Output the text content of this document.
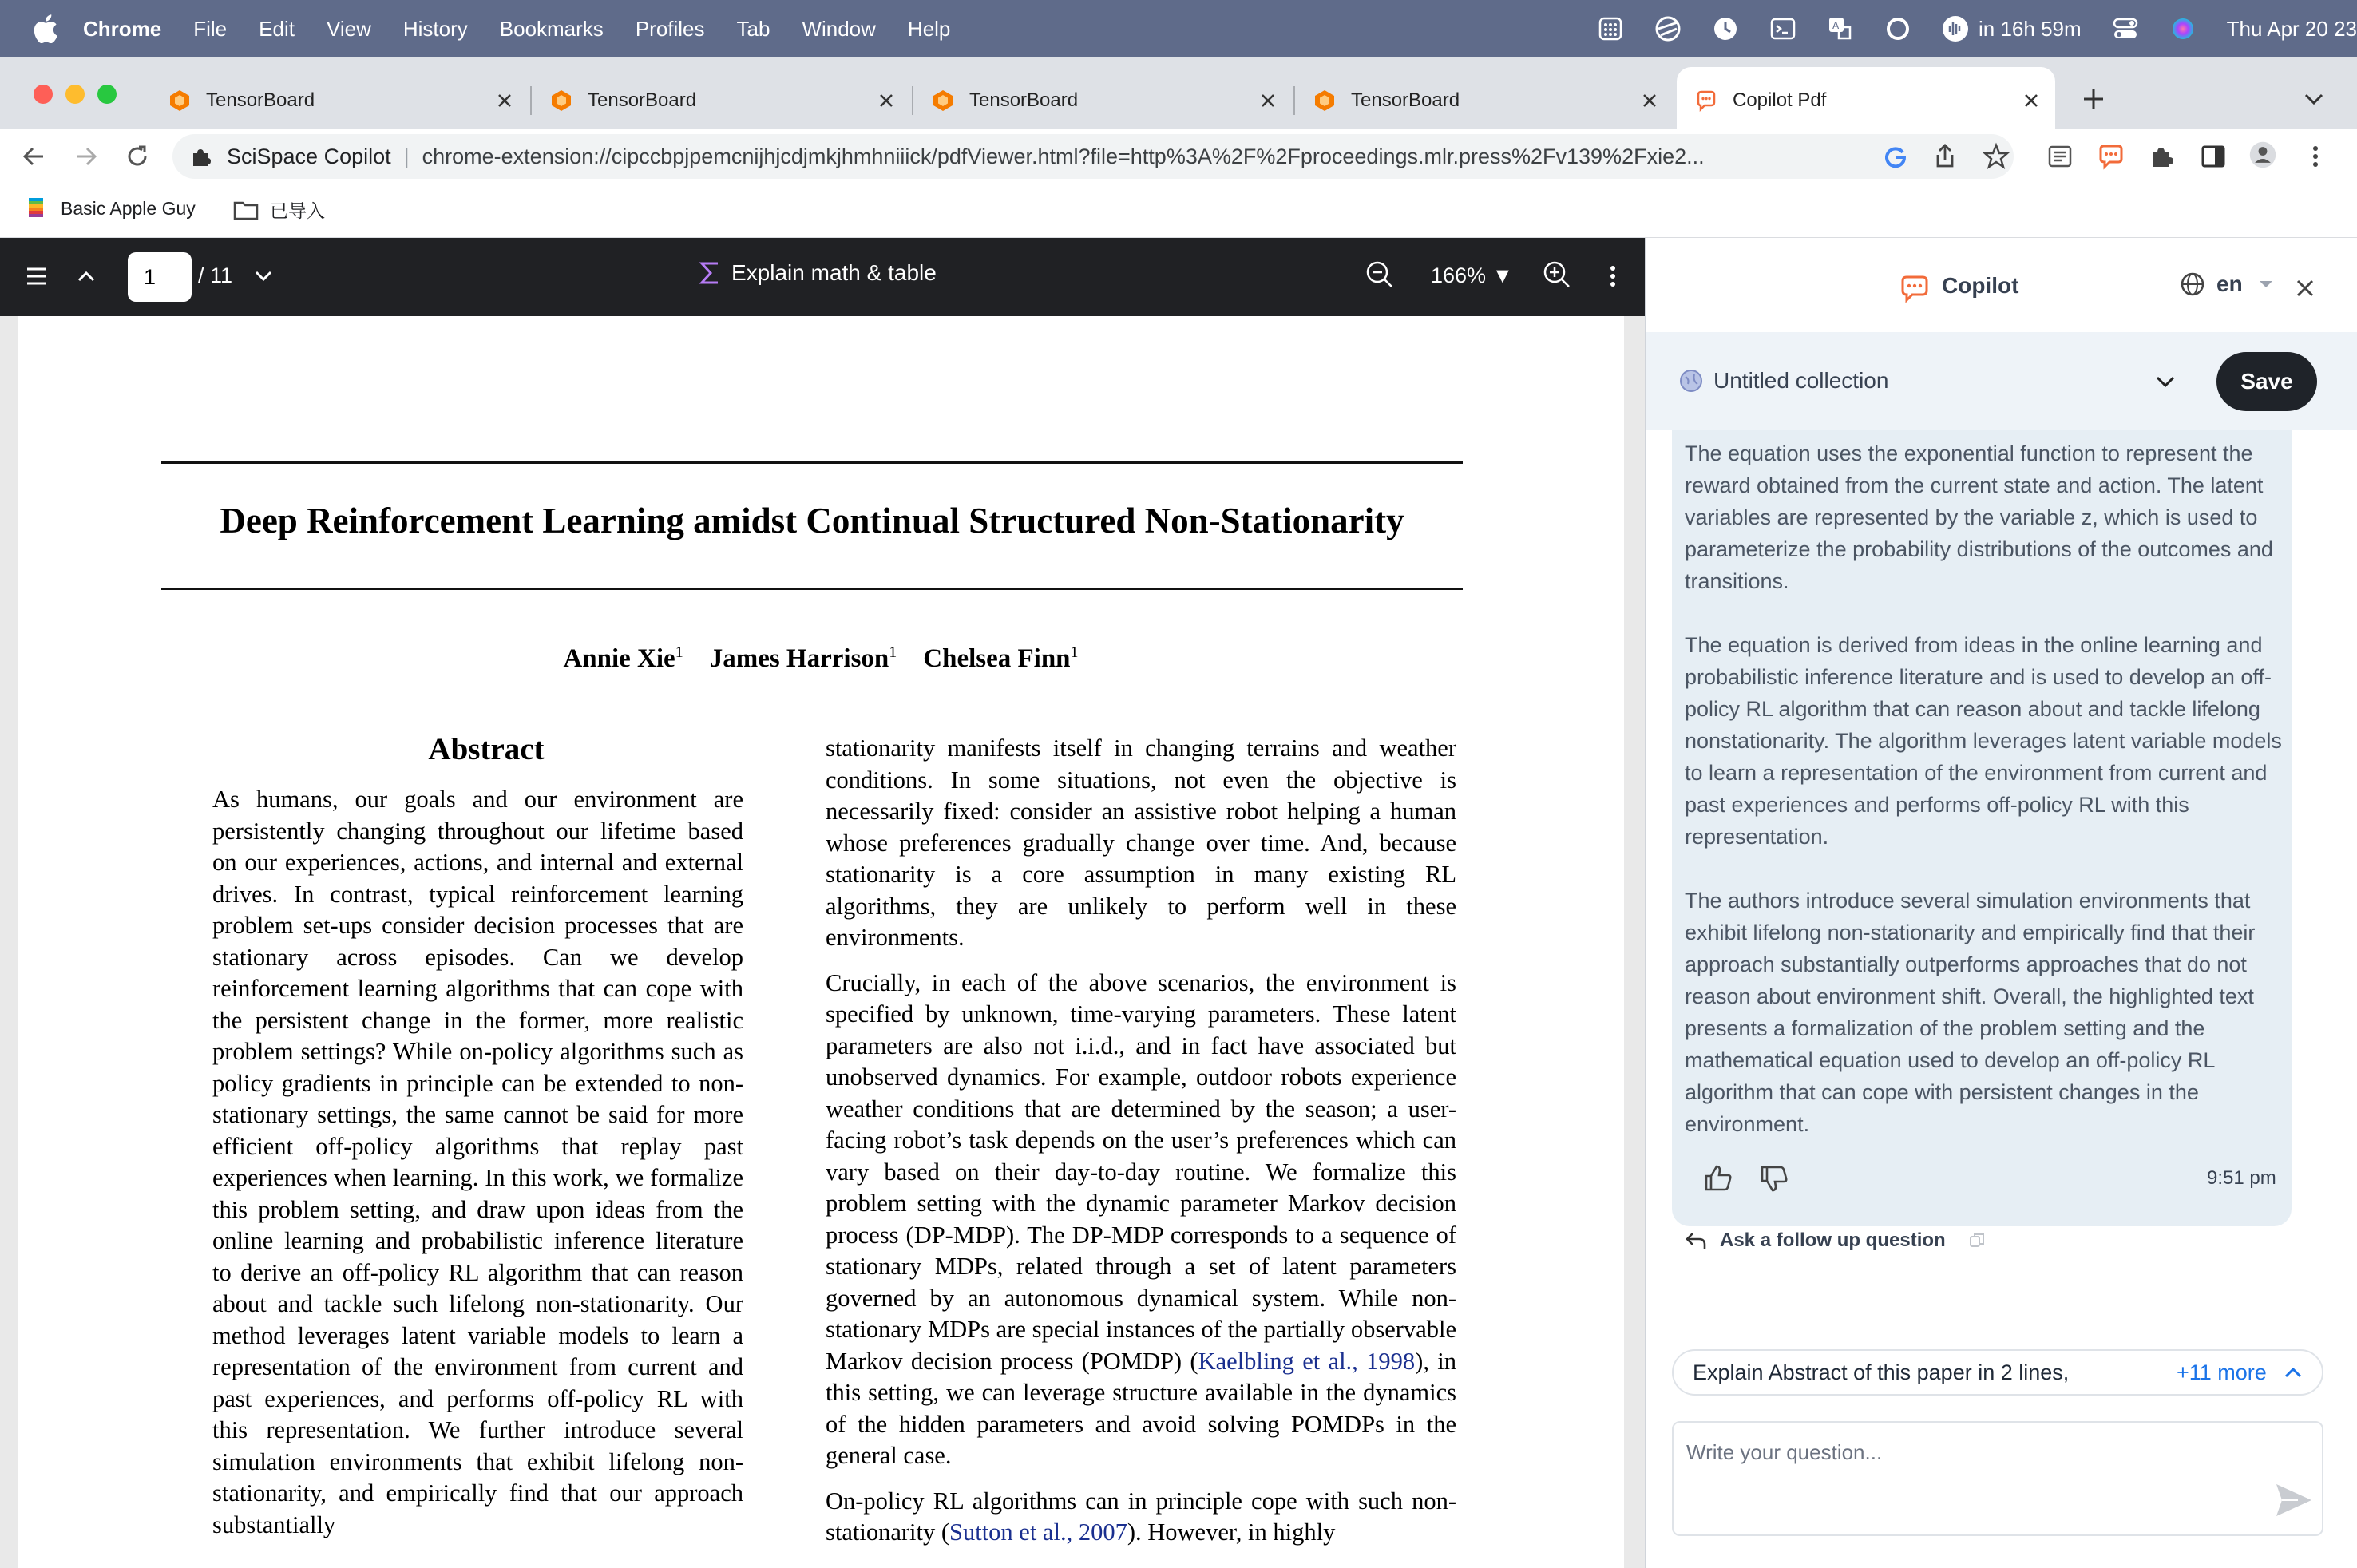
Chrome File Edit View History Bookmarks Profiles Tab Window Help	A	in 16h 59m	Thu Apr 20 23
TensorBoard	TensorBoard	TensorBoard	TensorBoard	Copilot Pdf
SciSpace Copilot | chrome-extension://cipccbpjpemcnijhjcdjmkjhmhniiick/pdfViewer.html?file=http%3A%2F%2Fproceedings.mlr.press%2Fv139%2Fxie2...
Basic Apple Guy	已导入
/ 11	Explain math & table	166% ▼
1
Deep Reinforcement Learning amidst Continual Structured Non-Stationarity
Annie Xie$^1$ James Harrison$^1$ Chelsea Finn$^1$
Abstract

As humans, our goals and our environment are persistently changing throughout our lifetime based on our experiences, actions, and internal and external drives. In contrast, typical reinforcement learning problem set-ups consider decision processes that are stationary across episodes. Can we develop reinforcement learning algorithms that can cope with the persistent change in the former, more realistic problem settings? While on-policy algorithms such as policy gradients in principle can be extended to non-stationary settings, the same cannot be said for more efficient off-policy algorithms that replay past experiences when learning. In this work, we formalize this problem setting, and draw upon ideas from the online learning and probabilistic inference literature to derive an off-policy RL algorithm that can reason about and tackle such lifelong non-stationarity. Our method leverages latent variable models to learn a representation of the environment from current and past experiences, and performs off-policy RL with this representation. We further introduce several simulation environments that exhibit lifelong non-stationarity, and empirically find that our approach substantially

stationarity manifests itself in changing terrains and weather conditions. In some situations, not even the objective is necessarily fixed: consider an assistive robot helping a human whose preferences gradually change over time. And, because stationarity is a core assumption in many existing RL algorithms, they are unlikely to perform well in these environments.

Crucially, in each of the above scenarios, the environment is specified by unknown, time-varying parameters. These latent parameters are also not i.i.d., and in fact have associated but unobserved dynamics. For example, outdoor robots experience weather conditions that are determined by the season; a user-facing robot’s task depends on the user’s preferences which can vary based on their day-to-day routine. We formalize this problem setting with the dynamic parameter Markov decision process (DP-MDP). The DP-MDP corresponds to a sequence of stationary MDPs, related through a set of latent parameters governed by an autonomous dynamical system. While non-stationary MDPs are special instances of the partially observable Markov decision process (POMDP) (Kaelbling et al., 1998), in this setting, we can leverage structure available in the dynamics of the hidden parameters and avoid solving POMDPs in the general case.

On-policy RL algorithms can in principle cope with such non-stationarity (Sutton et al., 2007). However, in highly

Copilot	en
Untitled collection	Save

The equation uses the exponential function to represent the reward obtained from the current state and action. The latent variables are represented by the variable z, which is used to parameterize the probability distributions of the outcomes and transitions.

The equation is derived from ideas in the online learning and probabilistic inference literature and is used to develop an off-policy RL algorithm that can reason about and tackle lifelong nonstationarity. The algorithm leverages latent variable models to learn a representation of the environment from current and past experiences and performs off-policy RL with this representation.

The authors introduce several simulation environments that exhibit lifelong non-stationarity and empirically find that their approach substantially outperforms approaches that do not reason about environment shift. Overall, the highlighted text presents a formalization of the problem setting and the mathematical equation used to develop an off-policy RL algorithm that can cope with persistent changes in the environment.

9:51 pm
Ask a follow up question
Explain Abstract of this paper in 2 lines,	+11 more
Write your question...
